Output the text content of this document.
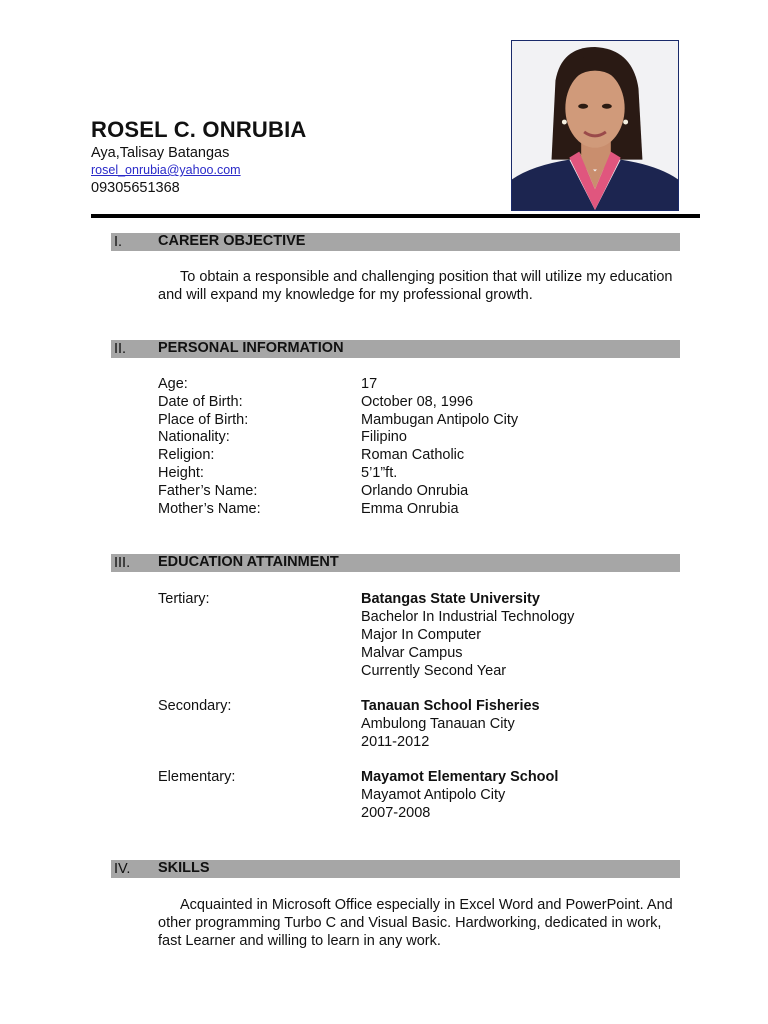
ROSEL C. ONRUBIA
Aya,Talisay Batangas
rosel_onrubia@yahoo.com
09305651368
I. CAREER OBJECTIVE
To obtain a responsible and challenging position that will utilize my education and will expand my knowledge for my professional growth.
II. PERSONAL INFORMATION
Age:	17
Date of Birth:	October 08, 1996
Place of Birth:	Mambugan Antipolo City
Nationality:	Filipino
Religion:	Roman Catholic
Height:	5’1”ft.
Father’s Name:	Orlando Onrubia
Mother’s Name:	Emma Onrubia
III. EDUCATION ATTAINMENT
Tertiary:	Batangas State University
Bachelor In Industrial Technology
Major In Computer
Malvar Campus
Currently Second Year
Secondary:	Tanauan School Fisheries
Ambulong Tanauan City
2011-2012
Elementary:	Mayamot Elementary School
Mayamot Antipolo City
2007-2008
IV. SKILLS
Acquainted in Microsoft Office especially in Excel Word and PowerPoint. And other programming Turbo C and Visual Basic. Hardworking, dedicated in work, fast Learner and willing to learn in any work.
